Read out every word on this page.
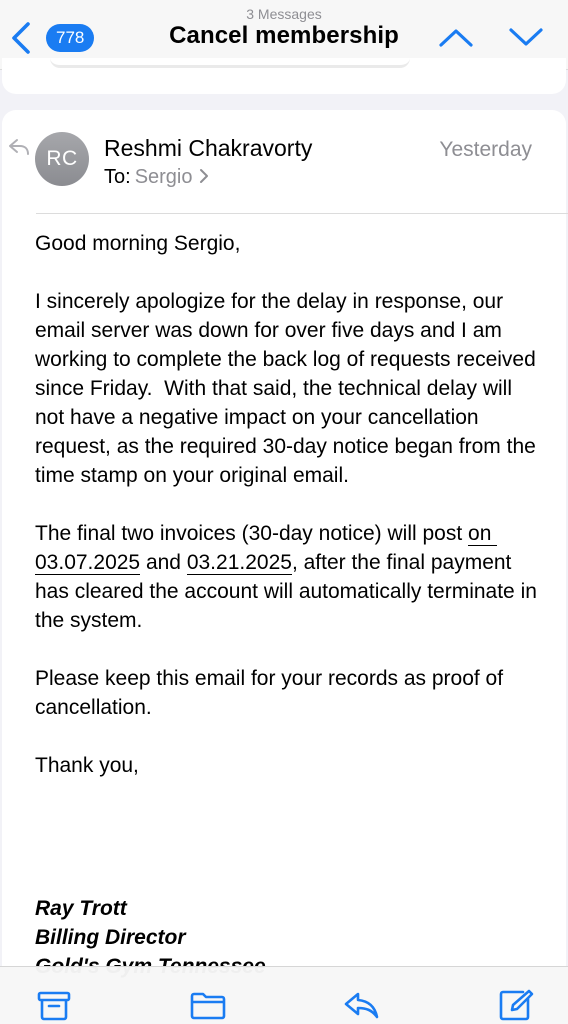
778
3 Messages
Cancel membership
RC	Reshmi Chakravorty	Yesterday
To: Sergio
Good morning Sergio,
I sincerely apologize for the delay in response, our email server was down for over five days and I am working to complete the back log of requests received since Friday.  With that said, the technical delay will not have a negative impact on your cancellation request, as the required 30-day notice began from the time stamp on your original email.
The final two invoices (30-day notice) will post on 03.07.2025 and 03.21.2025, after the final payment has cleared the account will automatically terminate in the system.
Please keep this email for your records as proof of cancellation.
Thank you,
Ray Trott
Billing Director
